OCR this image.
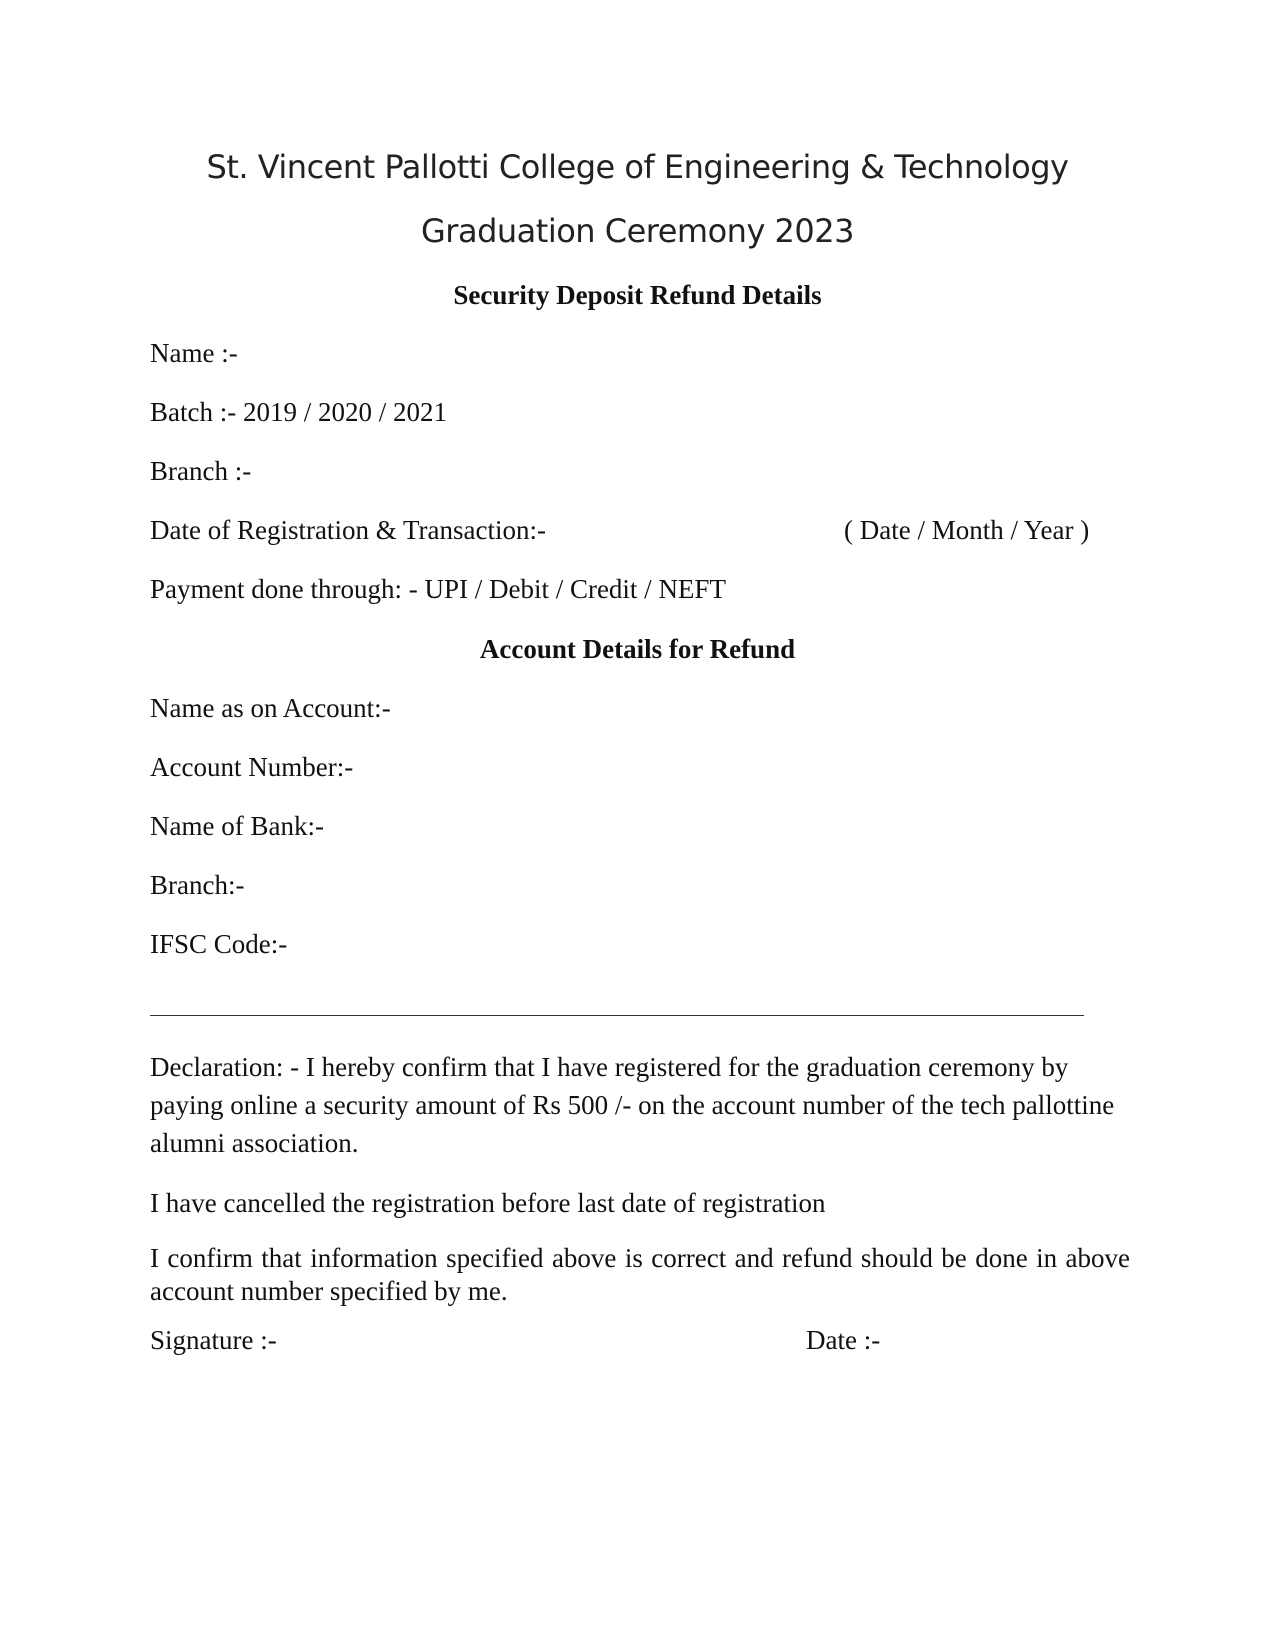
St. Vincent Pallotti College of Engineering & Technology
Graduation Ceremony 2023
Security Deposit Refund Details
Name :-
Batch :- 2019 / 2020 / 2021
Branch :-
Date of Registration & Transaction:-	( Date / Month / Year )
Payment done through: - UPI / Debit / Credit / NEFT
Account Details for Refund
Name as on Account:-
Account Number:-
Name of Bank:-
Branch:-
IFSC Code:-
Declaration: - I hereby confirm that I have registered for the graduation ceremony by paying online a security amount of Rs 500 /- on the account number of the tech pallottine alumni association.
I have cancelled the registration before last date of registration
I confirm that information specified above is correct and refund should be done in above account number specified by me.
Signature :-	Date :-
